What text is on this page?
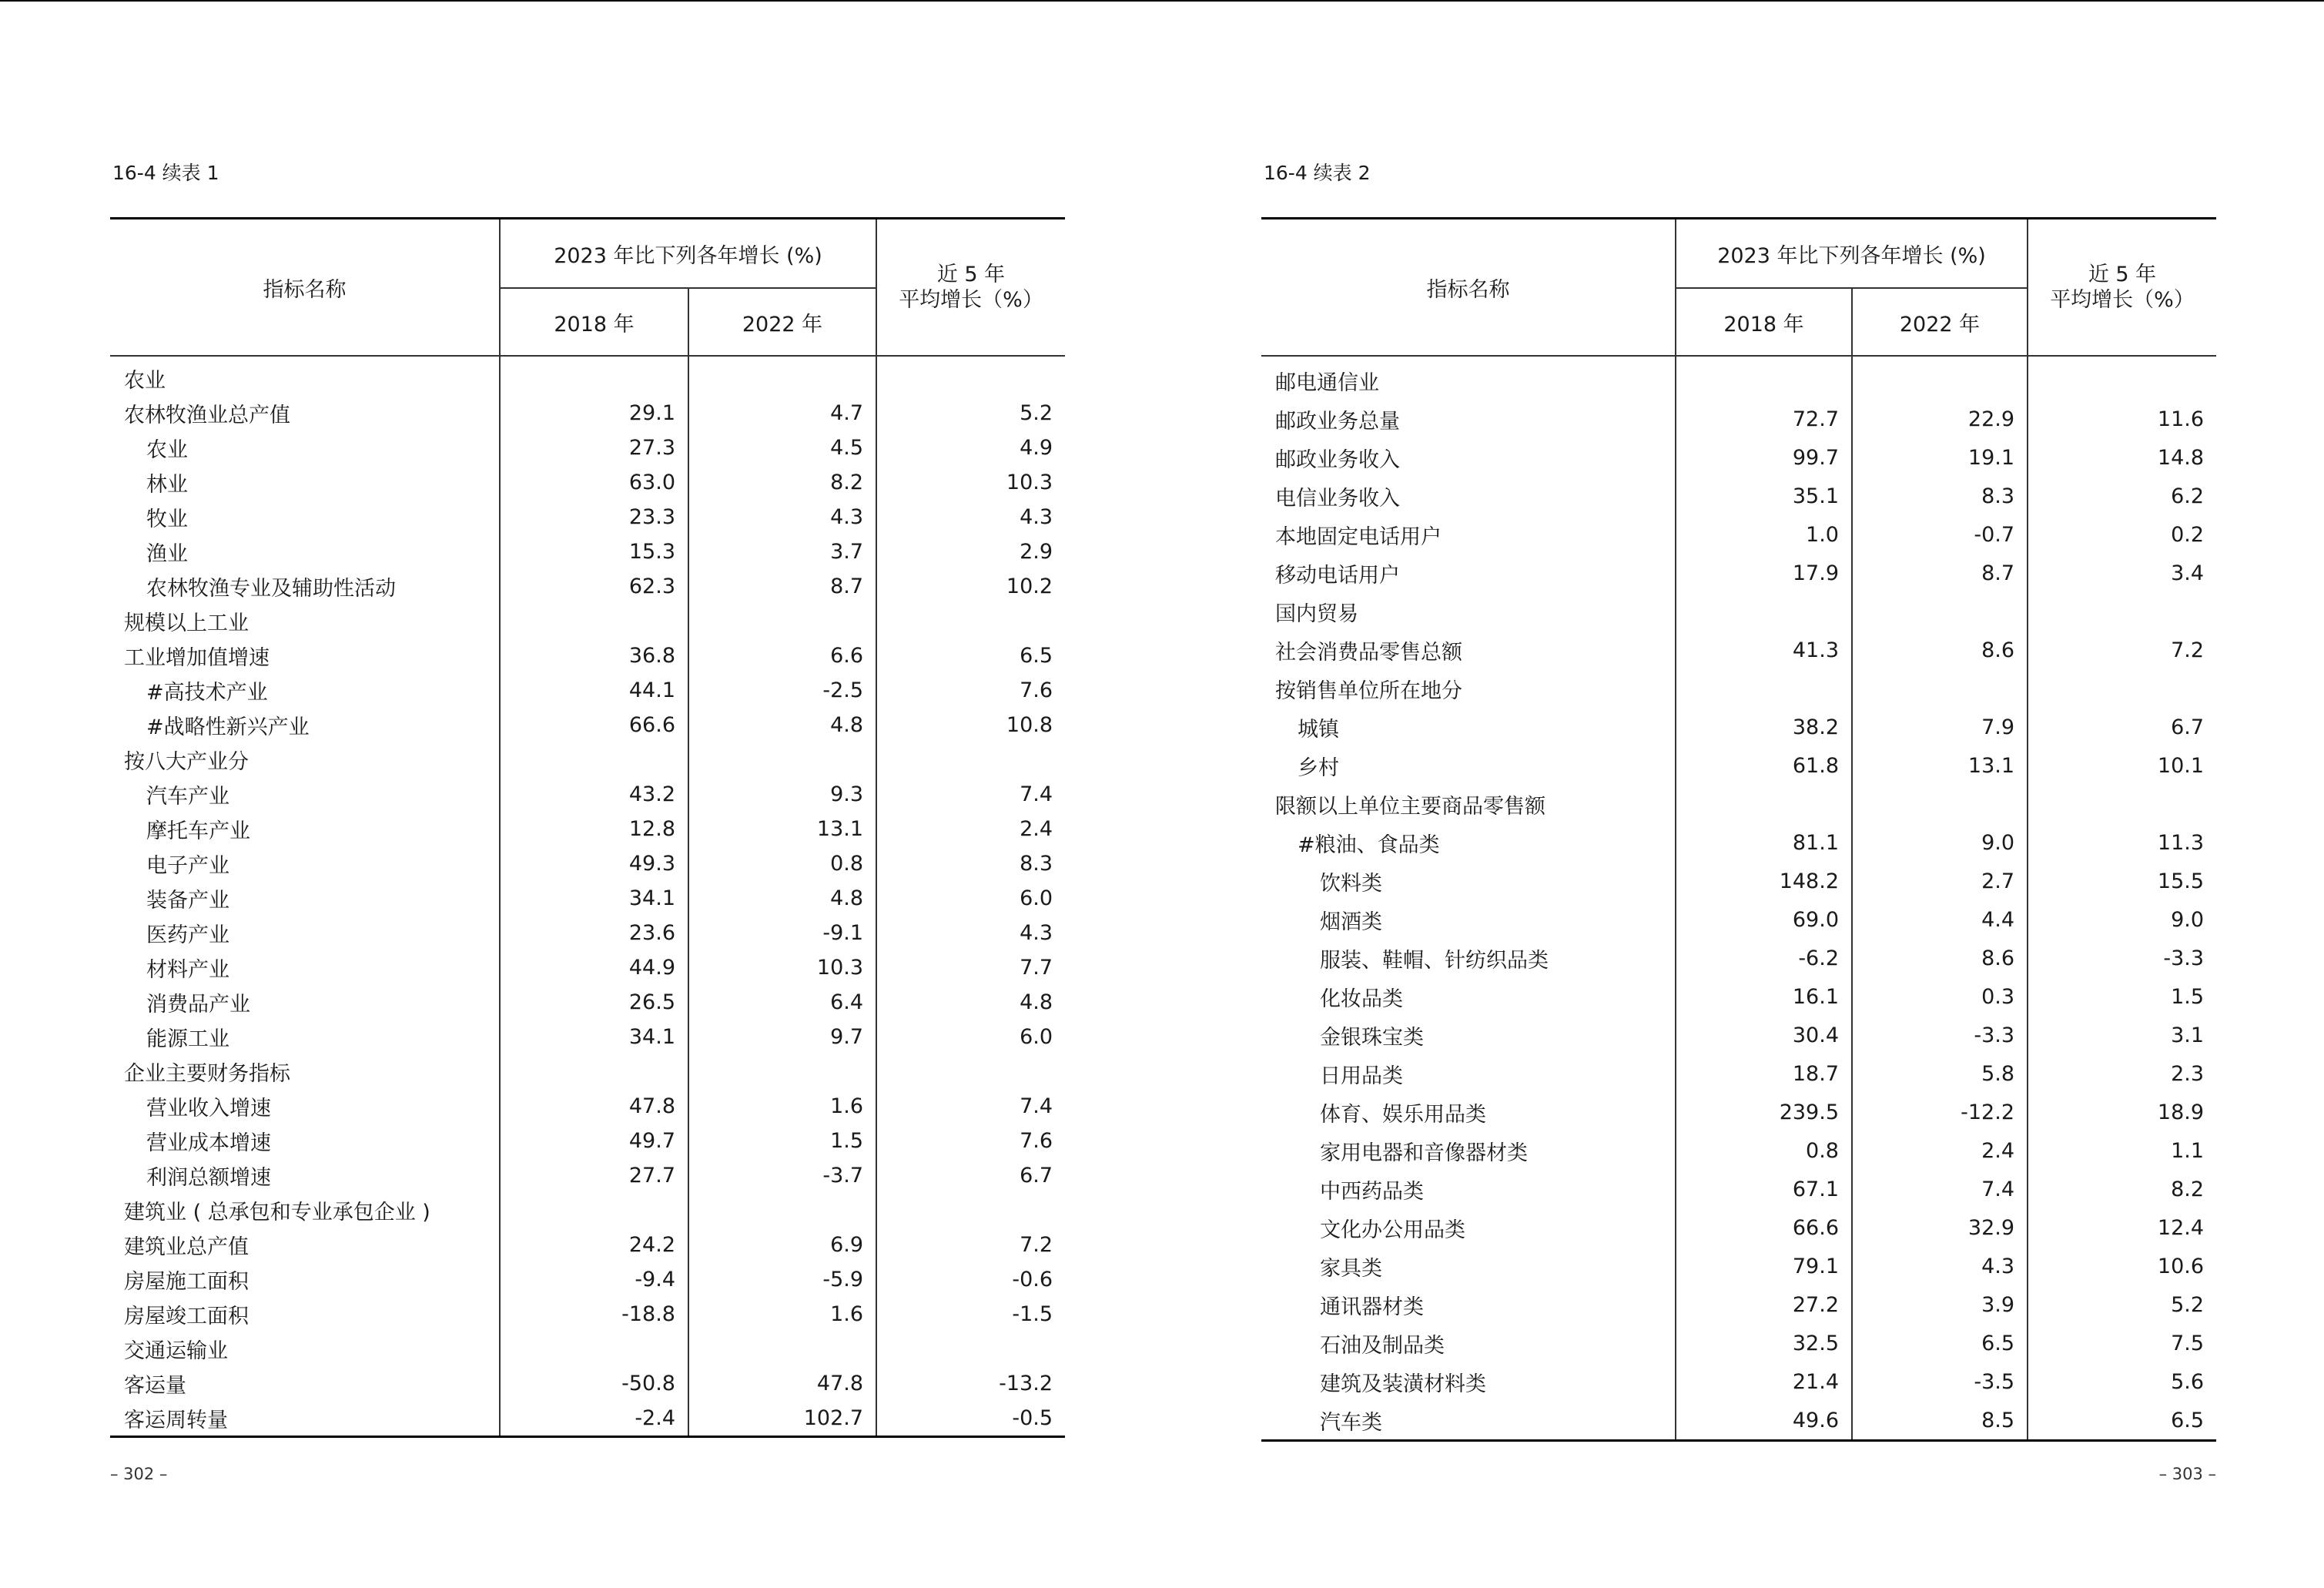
16-4 续表 1
指标名称	2023 年比下列各年增长 (%)		近 5 年
平均增长（%）

	2018 年	2022 年	
农业			
农林牧渔业总产值	29.1	4.7	5.2
农业	27.3	4.5	4.9
林业	63.0	8.2	10.3
牧业	23.3	4.3	4.3
渔业	15.3	3.7	2.9
农林牧渔专业及辅助性活动	62.3	8.7	10.2
规模以上工业			
工业增加值增速	36.8	6.6	6.5
#高技术产业	44.1	-2.5	7.6
#战略性新兴产业	66.6	4.8	10.8
按八大产业分			
汽车产业	43.2	9.3	7.4
摩托车产业	12.8	13.1	2.4
电子产业	49.3	0.8	8.3
装备产业	34.1	4.8	6.0
医药产业	23.6	-9.1	4.3
材料产业	44.9	10.3	7.7
消费品产业	26.5	6.4	4.8
能源工业	34.1	9.7	6.0
企业主要财务指标			
营业收入增速	47.8	1.6	7.4
营业成本增速	49.7	1.5	7.6
利润总额增速	27.7	-3.7	6.7
建筑业 ( 总承包和专业承包企业 )			
建筑业总产值	24.2	6.9	7.2
房屋施工面积	-9.4	-5.9	-0.6
房屋竣工面积	-18.8	1.6	-1.5
交通运输业			
客运量	-50.8	47.8	-13.2
客运周转量	-2.4	102.7	-0.5
– 302 –
16-4 续表 2
指标名称	2023 年比下列各年增长 (%)		近 5 年
平均增长（%）

	2018 年	2022 年	
邮电通信业			
邮政业务总量	72.7	22.9	11.6
邮政业务收入	99.7	19.1	14.8
电信业务收入	35.1	8.3	6.2
本地固定电话用户	1.0	-0.7	0.2
移动电话用户	17.9	8.7	3.4
国内贸易			
社会消费品零售总额	41.3	8.6	7.2
按销售单位所在地分			
城镇	38.2	7.9	6.7
乡村	61.8	13.1	10.1
限额以上单位主要商品零售额			
#粮油、食品类	81.1	9.0	11.3
饮料类	148.2	2.7	15.5
烟酒类	69.0	4.4	9.0
服装、鞋帽、针纺织品类	-6.2	8.6	-3.3
化妆品类	16.1	0.3	1.5
金银珠宝类	30.4	-3.3	3.1
日用品类	18.7	5.8	2.3
体育、娱乐用品类	239.5	-12.2	18.9
家用电器和音像器材类	0.8	2.4	1.1
中西药品类	67.1	7.4	8.2
文化办公用品类	66.6	32.9	12.4
家具类	79.1	4.3	10.6
通讯器材类	27.2	3.9	5.2
石油及制品类	32.5	6.5	7.5
建筑及装潢材料类	21.4	-3.5	5.6
汽车类	49.6	8.5	6.5
– 303 –
